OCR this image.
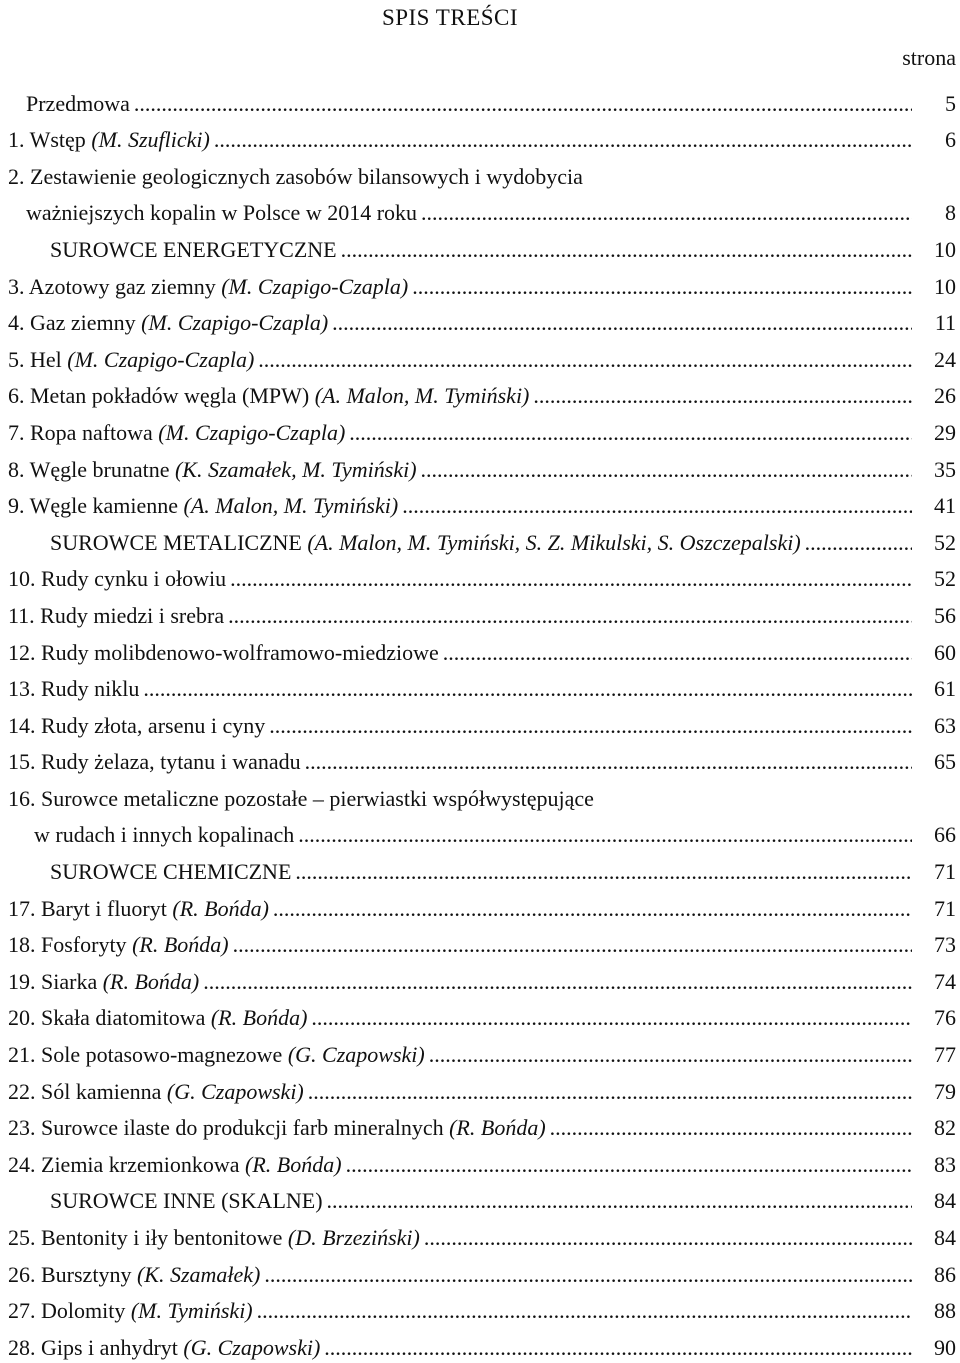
SPIS TREŚCI
strona
Przedmowa .....	5
1. Wstęp (M. Szuflicki) .....	6
2. Zestawienie geologicznych zasobów bilansowych i wydobycia
ważniejszych kopalin w Polsce w 2014 roku .....	8
SUROWCE ENERGETYCZNE .....	10
3. Azotowy gaz ziemny (M. Czapigo-Czapla) .....	10
4. Gaz ziemny (M. Czapigo-Czapla) .....	11
5. Hel (M. Czapigo-Czapla) .....	24
6. Metan pokładów węgla (MPW) (A. Malon, M. Tymiński) .....	26
7. Ropa naftowa (M. Czapigo-Czapla) .....	29
8. Węgle brunatne (K. Szamałek, M. Tymiński) .....	35
9. Węgle kamienne (A. Malon, M. Tymiński) .....	41
SUROWCE METALICZNE (A. Malon, M. Tymiński, S. Z. Mikulski, S. Oszczepalski) .....	52
10. Rudy cynku i ołowiu .....	52
11. Rudy miedzi i srebra .....	56
12. Rudy molibdenowo-wolframowo-miedziowe .....	60
13. Rudy niklu .....	61
14. Rudy złota, arsenu i cyny .....	63
15. Rudy żelaza, tytanu i wanadu .....	65
16. Surowce metaliczne pozostałe – pierwiastki współwystępujące
w rudach i innych kopalinach .....	66
SUROWCE CHEMICZNE .....	71
17. Baryt i fluoryt (R. Bońda) .....	71
18. Fosforyty (R. Bońda) .....	73
19. Siarka (R. Bońda) .....	74
20. Skała diatomitowa (R. Bońda) .....	76
21. Sole potasowo-magnezowe (G. Czapowski) .....	77
22. Sól kamienna (G. Czapowski) .....	79
23. Surowce ilaste do produkcji farb mineralnych (R. Bońda) .....	82
24. Ziemia krzemionkowa (R. Bońda) .....	83
SUROWCE INNE (SKALNE) .....	84
25. Bentonity i iły bentonitowe (D. Brzeziński) .....	84
26. Bursztyny (K. Szamałek) .....	86
27. Dolomity (M. Tymiński) .....	88
28. Gips i anhydryt (G. Czapowski) .....	90
